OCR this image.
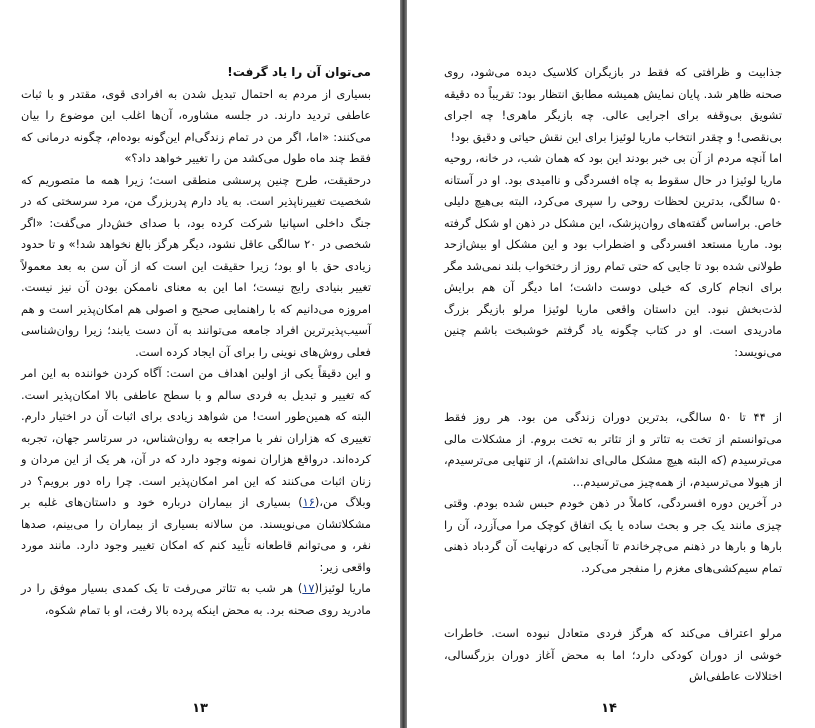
می‌توان آن را یاد گرفت!

بسیاری از مردم به احتمال تبدیل شدن به افرادی قوی، مقتدر و با ثبات عاطفی تردید دارند. در جلسه مشاوره، آن‌ها اغلب این موضوع را بیان می‌کنند: «اما، اگر من در تمام زندگی‌ام این‌گونه بوده‌ام، چگونه درمانی که فقط چند ماه طول می‌کشد من را تغییر خواهد داد؟»

درحقیقت، طرح چنین پرسشی منطقی است؛ زیرا همه ما متصوریم که شخصیت تغییرناپذیر است. به یاد دارم پدربزرگ من، مرد سرسختی که در جنگ داخلی اسپانیا شرکت کرده بود، با صدای خش‌دار می‌گفت: «اگر شخصی در ۲۰ سالگی عاقل نشود، دیگر هرگز بالغ نخواهد شد!» و تا حدود زیادی حق با او بود؛ زیرا حقیقت این است که از آن سن به بعد معمولاً تغییر بنیادی رایج نیست؛ اما این به معنای ناممکن بودن آن نیز نیست. امروزه می‌دانیم که با راهنمایی صحیح و اصولی هم امکان‌پذیر است و هم آسیب‌پذیرترین افراد جامعه می‌توانند به آن دست یابند؛ زیرا روان‌شناسی فعلی روش‌های نوینی را برای آن ایجاد کرده است.

و این دقیقاً یکی از اولین اهداف من است: آگاه کردن خواننده به این امر که تغییر و تبدیل به فردی سالم و با سطح عاطفی بالا امکان‌پذیر است. البته که همین‌طور است! من شواهد زیادی برای اثبات آن در اختیار دارم. تغییری که هزاران نفر با مراجعه به روان‌شناس، در سرتاسر جهان، تجربه کرده‌اند. درواقع هزاران نمونه وجود دارد که در آن، هر یک از این مردان و زنان اثبات می‌کنند که این امر امکان‌پذیر است. چرا راه دور برویم؟ در وبلاگ من،(۱۶) بسیاری از بیماران درباره خود و داستان‌های غلبه بر مشکلاتشان می‌نویسند. من سالانه بسیاری از بیماران را می‌بینم، صدها نفر، و می‌توانم قاطعانه تأیید کنم که امکان تغییر وجود دارد. مانند مورد واقعی زیر:

ماریا لوئیزا(۱۷) هر شب به تئاتر می‌رفت تا یک کمدی بسیار موفق را در مادرید روی صحنه برد. به محض اینکه پرده بالا رفت، او با تمام شکوه،

۱۳

جذابیت و ظرافتی که فقط در بازیگران کلاسیک دیده می‌شود، روی صحنه ظاهر شد. پایان نمایش همیشه مطابق انتظار بود: تقریباً ده دقیقه تشویق بی‌وقفه برای اجرایی عالی. چه بازیگر ماهری! چه اجرای بی‌نقصی! و چقدر انتخاب ماریا لوئیزا برای این نقش حیاتی و دقیق بود!

اما آنچه مردم از آن بی خبر بودند این بود که همان شب، در خانه، روحیه ماریا لوئیزا در حال سقوط به چاه افسردگی و ناامیدی بود. او در آستانه ۵۰ سالگی، بدترین لحظات روحی را سپری می‌کرد، البته بی‌هیچ دلیلی خاص. براساس گفته‌های روان‌پزشک، این مشکل در ذهن او شکل گرفته بود. ماریا مستعد افسردگی و اضطراب بود و این مشکل او بیش‌ازحد طولانی شده بود تا جایی که حتی تمام روز از رختخواب بلند نمی‌شد مگر برای انجام کاری که خیلی دوست داشت؛ اما دیگر آن هم برایش لذت‌بخش نبود. این داستان واقعی ماریا لوئیزا مرلو بازیگر بزرگ مادریدی است. او در کتاب چگونه یاد گرفتم خوشبخت باشم چنین می‌نویسد:

از ۴۴ تا ۵۰ سالگی، بدترین دوران زندگی من بود. هر روز فقط می‌توانستم از تخت به تئاتر و از تئاتر به تخت بروم. از مشکلات مالی می‌ترسیدم (که البته هیچ مشکل مالی‌ای نداشتم)، از تنهایی می‌ترسیدم، از هیولا می‌ترسیدم، از همه‌چیز می‌ترسیدم...

در آخرین دوره افسردگی، کاملاً در ذهن خودم حبس شده بودم. وقتی چیزی مانند یک جر و بحث ساده یا یک اتفاق کوچک مرا می‌آزرد، آن را بارها و بارها در ذهنم می‌چرخاندم تا آنجایی که درنهایت آن گردباد ذهنی تمام سیم‌کشی‌های مغزم را منفجر می‌کرد.

مرلو اعتراف می‌کند که هرگز فردی متعادل نبوده است. خاطرات خوشی از دوران کودکی دارد؛ اما به محض آغاز دوران بزرگسالی، اختلالات عاطفی‌اش

۱۴
